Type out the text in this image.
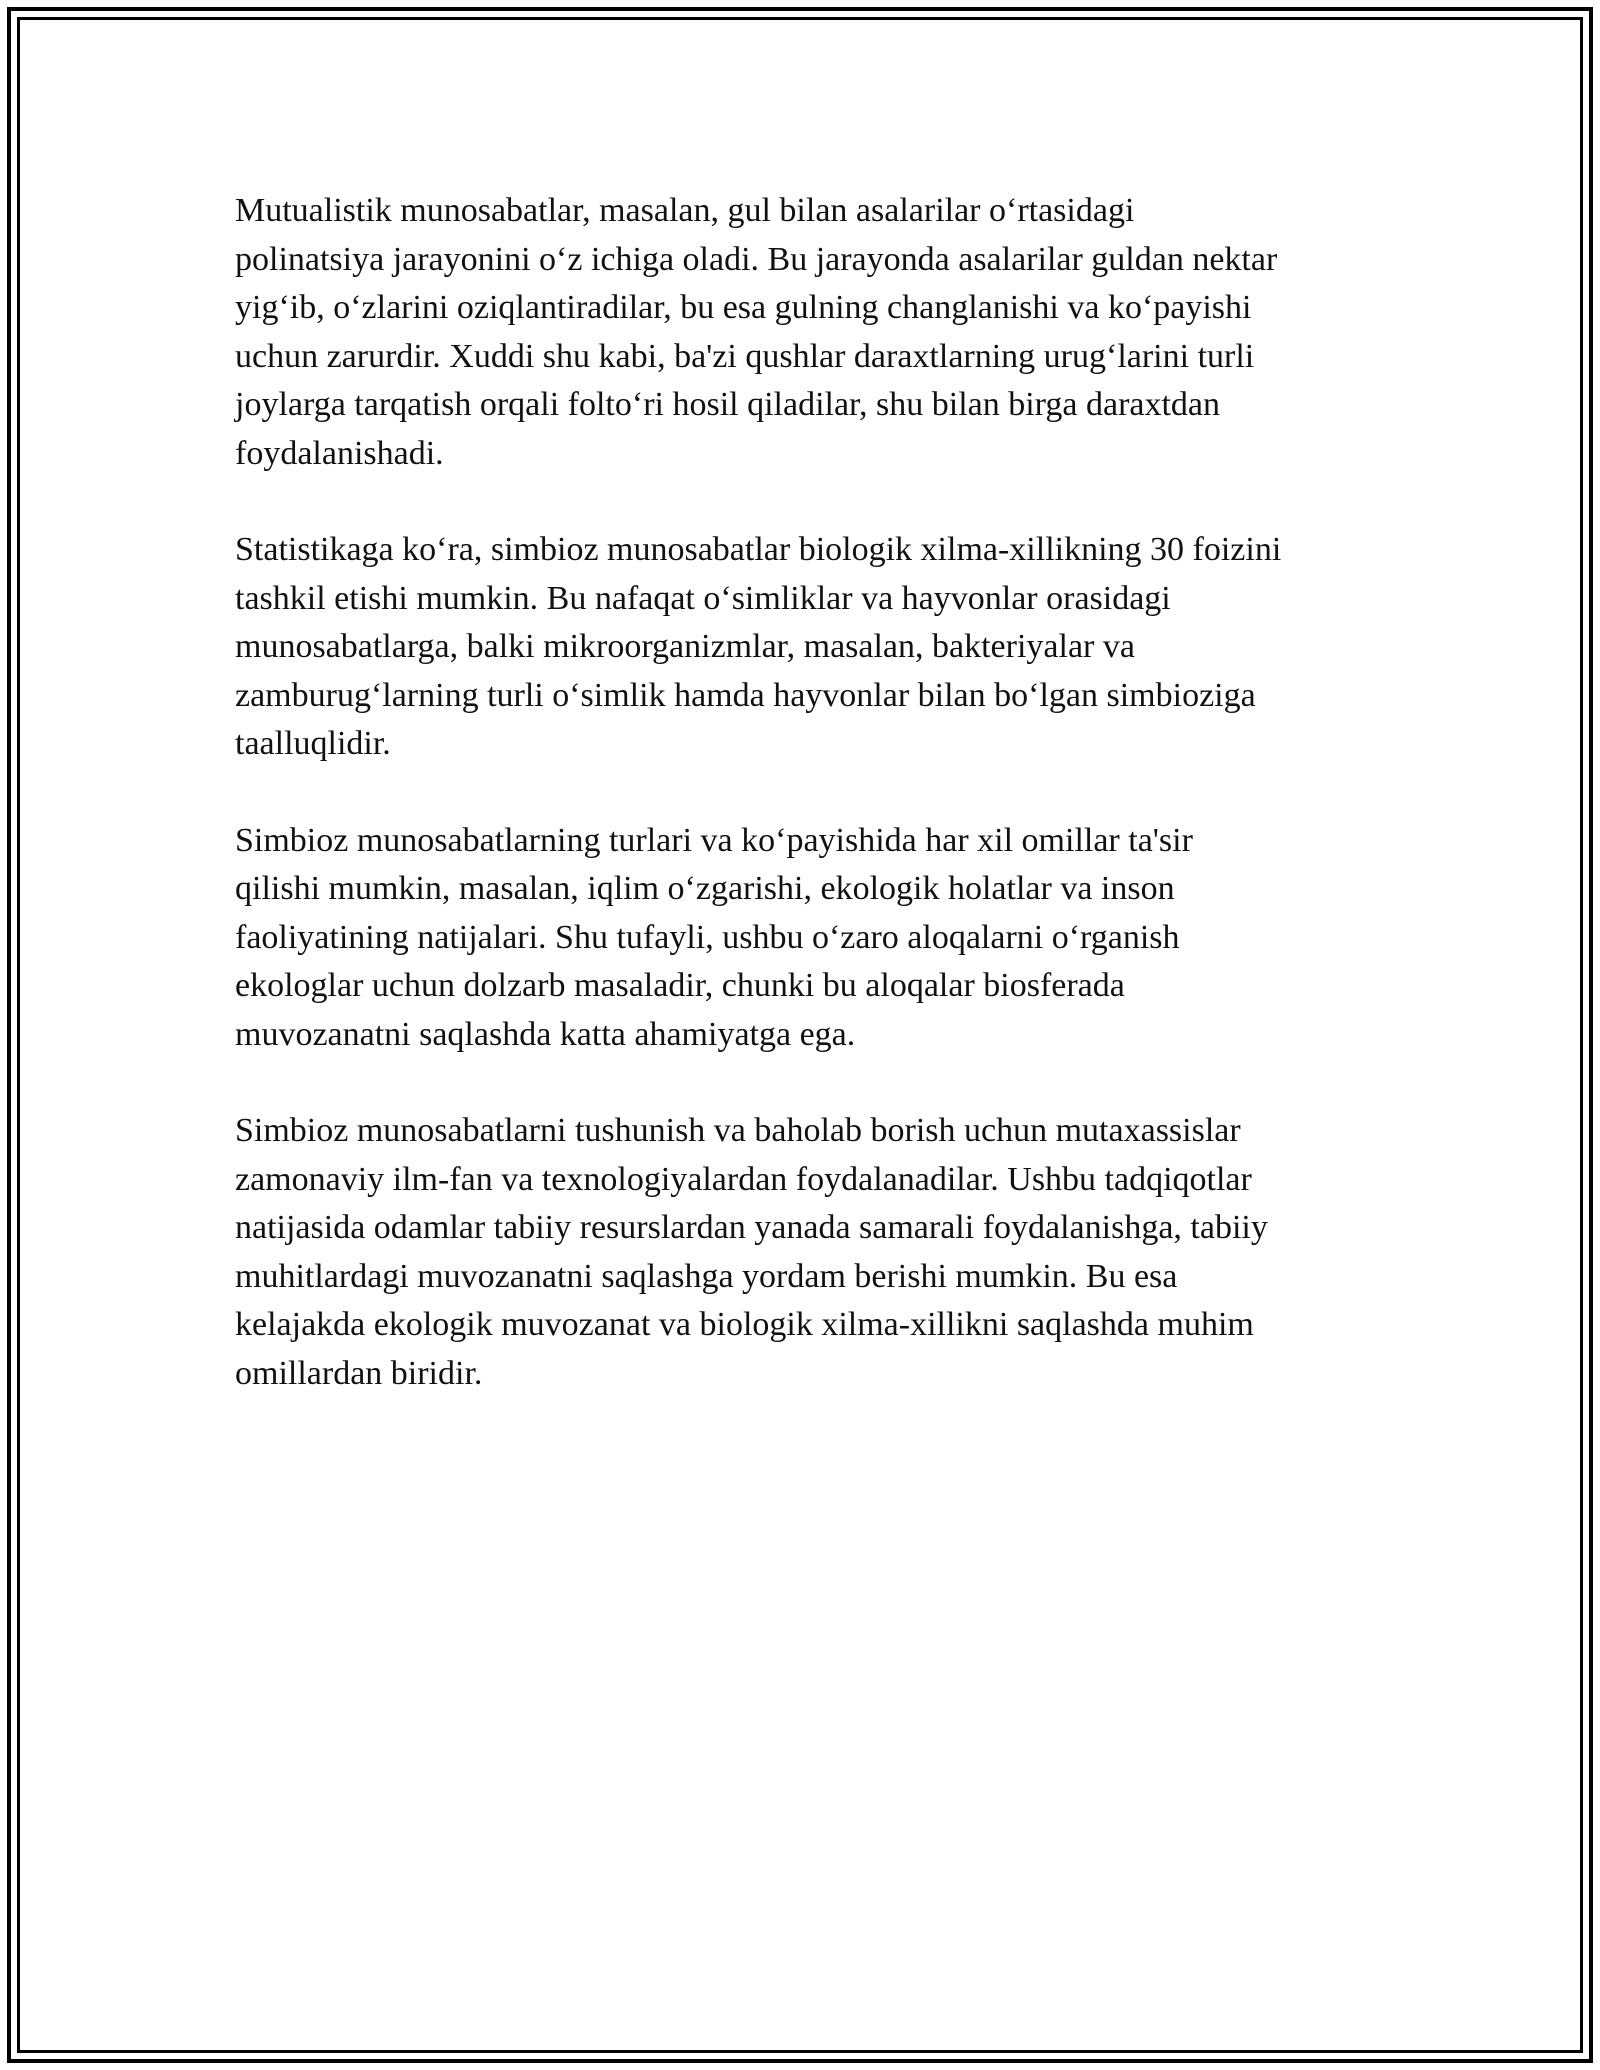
Mutualistik munosabatlar, masalan, gul bilan asalarilar o‘rtasidagi
polinatsiya jarayonini o‘z ichiga oladi. Bu jarayonda asalarilar guldan nektar
yig‘ib, o‘zlarini oziqlantiradilar, bu esa gulning changlanishi va ko‘payishi
uchun zarurdir. Xuddi shu kabi, ba'zi qushlar daraxtlarning urug‘larini turli
joylarga tarqatish orqali folto‘ri hosil qiladilar, shu bilan birga daraxtdan
foydalanishadi.

Statistikaga ko‘ra, simbioz munosabatlar biologik xilma-xillikning 30 foizini
tashkil etishi mumkin. Bu nafaqat o‘simliklar va hayvonlar orasidagi
munosabatlarga, balki mikroorganizmlar, masalan, bakteriyalar va
zamburug‘larning turli o‘simlik hamda hayvonlar bilan bo‘lgan simbioziga
taalluqlidir.

Simbioz munosabatlarning turlari va ko‘payishida har xil omillar ta'sir
qilishi mumkin, masalan, iqlim o‘zgarishi, ekologik holatlar va inson
faoliyatining natijalari. Shu tufayli, ushbu o‘zaro aloqalarni o‘rganish
ekologlar uchun dolzarb masaladir, chunki bu aloqalar biosferada
muvozanatni saqlashda katta ahamiyatga ega.

Simbioz munosabatlarni tushunish va baholab borish uchun mutaxassislar
zamonaviy ilm-fan va texnologiyalardan foydalanadilar. Ushbu tadqiqotlar
natijasida odamlar tabiiy resurslardan yanada samarali foydalanishga, tabiiy
muhitlardagi muvozanatni saqlashga yordam berishi mumkin. Bu esa
kelajakda ekologik muvozanat va biologik xilma-xillikni saqlashda muhim
omillardan biridir.
